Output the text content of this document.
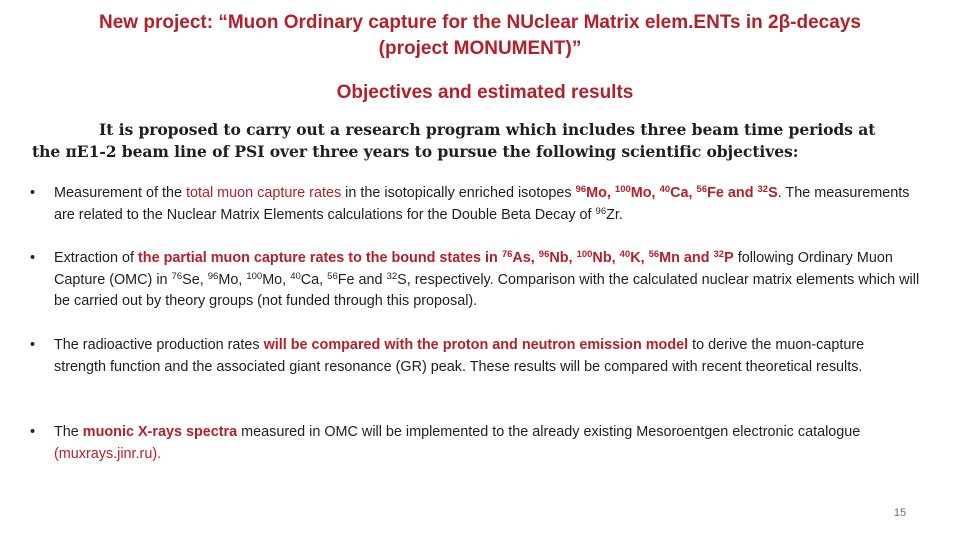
New project: “Muon Ordinary capture for the NUclear Matrix elem.ENTs in 2β-decays
(project MONUMENT)”
Objectives and estimated results
It is proposed to carry out a research program which includes three beam time periods at
the πE1-2 beam line of PSI over three years to pursue the following scientific objectives:
•	Measurement of the total muon capture rates in the isotopically enriched isotopes $^{96}$Mo, $^{100}$Mo, $^{40}$Ca, $^{56}$Fe and $^{32}$S. The measurements are related to the Nuclear Matrix Elements calculations for the Double Beta Decay of $^{96}$Zr.
•	Extraction of the partial muon capture rates to the bound states in $^{76}$As, $^{96}$Nb, $^{100}$Nb, $^{40}$K, $^{56}$Mn and $^{32}$P following Ordinary Muon Capture (OMC) in $^{76}$Se, $^{96}$Mo, $^{100}$Mo, $^{40}$Ca, $^{56}$Fe and $^{32}$S, respectively. Comparison with the calculated nuclear matrix elements which will be carried out by theory groups (not funded through this proposal).
•	The radioactive production rates will be compared with the proton and neutron emission model to derive the muon-capture strength function and the associated giant resonance (GR) peak. These results will be compared with recent theoretical results.
•	The muonic X-rays spectra measured in OMC will be implemented to the already existing Mesoroentgen electronic catalogue (muxrays.jinr.ru).
15
